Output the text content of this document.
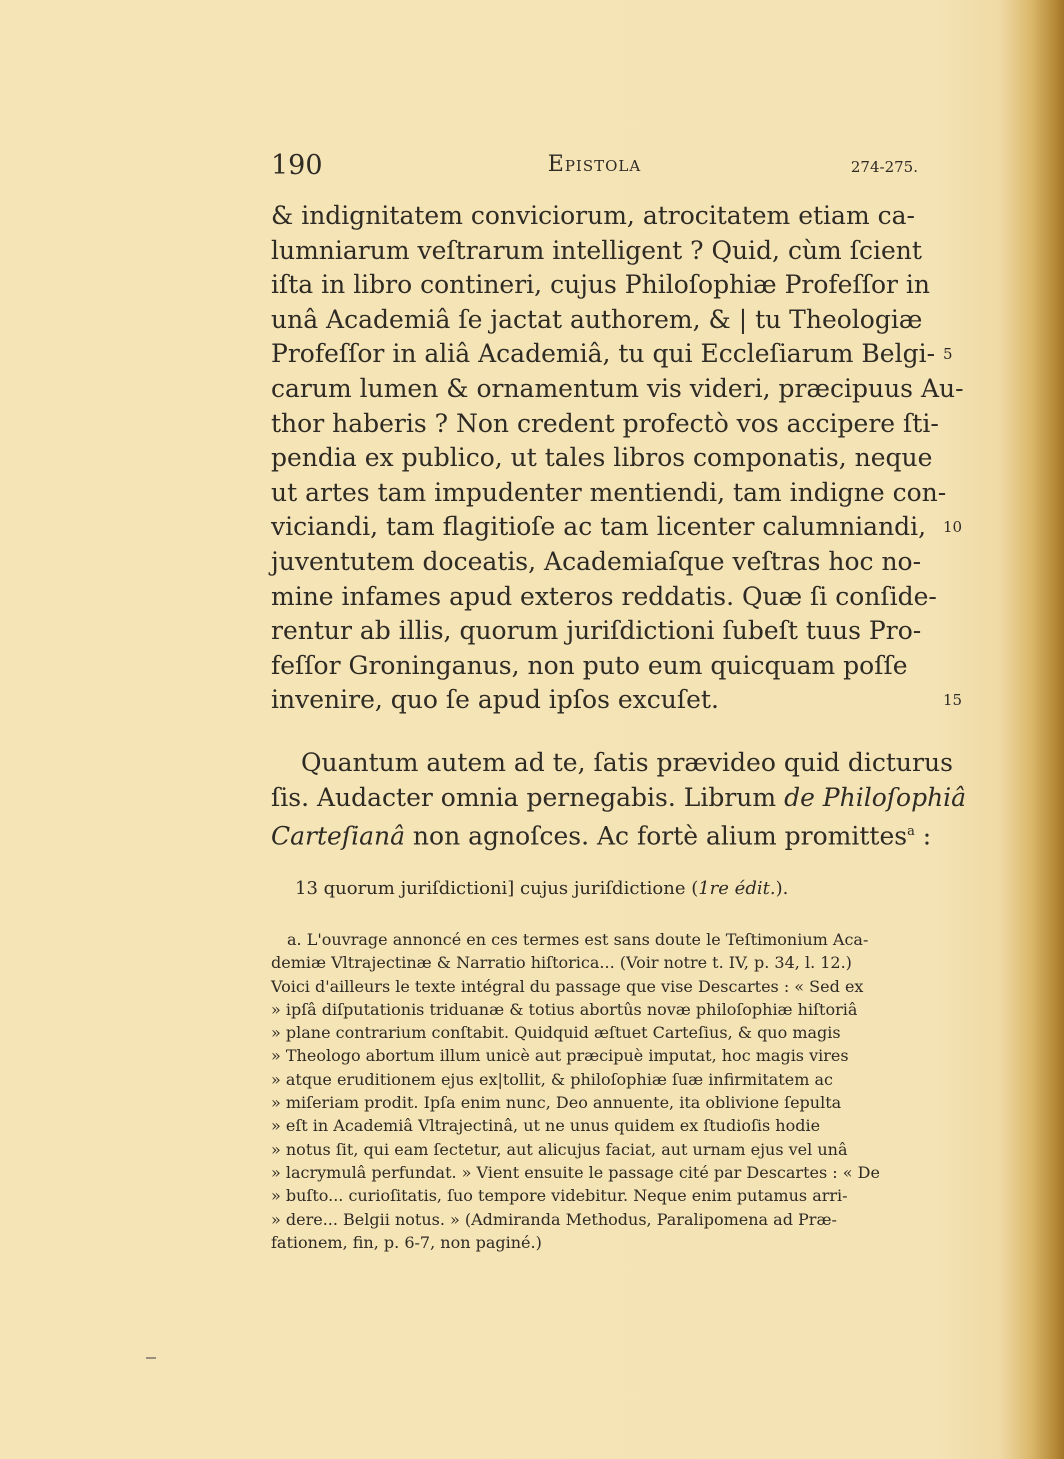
190	Epistola	274-275.
& indignitatem conviciorum, atrocitatem etiam ca-
lumniarum veſtrarum intelligent ? Quid, cùm ſcient
iſta in libro contineri, cujus Philoſophiæ Profeſſor in
unâ Academiâ ſe jactat authorem, & | tu Theologiæ
Profeſſor in aliâ Academiâ, tu qui Eccleſiarum Belgi- 5
carum lumen & ornamentum vis videri, præcipuus Au-
thor haberis ? Non credent profectò vos accipere ſti-
pendia ex publico, ut tales libros componatis, neque
ut artes tam impudenter mentiendi, tam indigne con-
viciandi, tam flagitioſe ac tam licenter calumniandi, 10
juventutem doceatis, Academiaſque veſtras hoc no-
mine infames apud exteros reddatis. Quæ ſi conſide-
rentur ab illis, quorum juriſdictioni ſubeſt tuus Pro-
feſſor Groninganus, non puto eum quicquam poſſe
invenire, quo ſe apud ipſos excuſet.	15
Quantum autem ad te, ſatis prævideo quid dicturus
ſis. Audacter omnia pernegabis. Librum de Philoſophiâ
Carteſianâ non agnoſces. Ac fortè alium promittes$^a$ :
13 quorum juriſdictioni] cujus juriſdictione (1re édit.).
a. L'ouvrage annoncé en ces termes est sans doute le Teſtimonium Aca-
demiæ Vltrajectinæ & Narratio hiſtorica... (Voir notre t. IV, p. 34, l. 12.)
Voici d'ailleurs le texte intégral du passage que vise Descartes : « Sed ex
» ipſâ diſputationis triduanæ & totius abortûs novæ philoſophiæ hiſtoriâ
» plane contrarium conſtabit. Quidquid æſtuet Carteſius, & quo magis
» Theologo abortum illum unicè aut præcipuè imputat, hoc magis vires
» atque eruditionem ejus ex|tollit, & philoſophiæ ſuæ infirmitatem ac
» miſeriam prodit. Ipſa enim nunc, Deo annuente, ita oblivione ſepulta
» eſt in Academiâ Vltrajectinâ, ut ne unus quidem ex ſtudioſis hodie
» notus ſit, qui eam ſectetur, aut alicujus faciat, aut urnam ejus vel unâ
» lacrymulâ perfundat. » Vient ensuite le passage cité par Descartes : « De
» buſto... curioſitatis, ſuo tempore videbitur. Neque enim putamus arri-
» dere... Belgii notus. » (Admiranda Methodus, Paralipomena ad Præ-
fationem, fin, p. 6-7, non paginé.)
